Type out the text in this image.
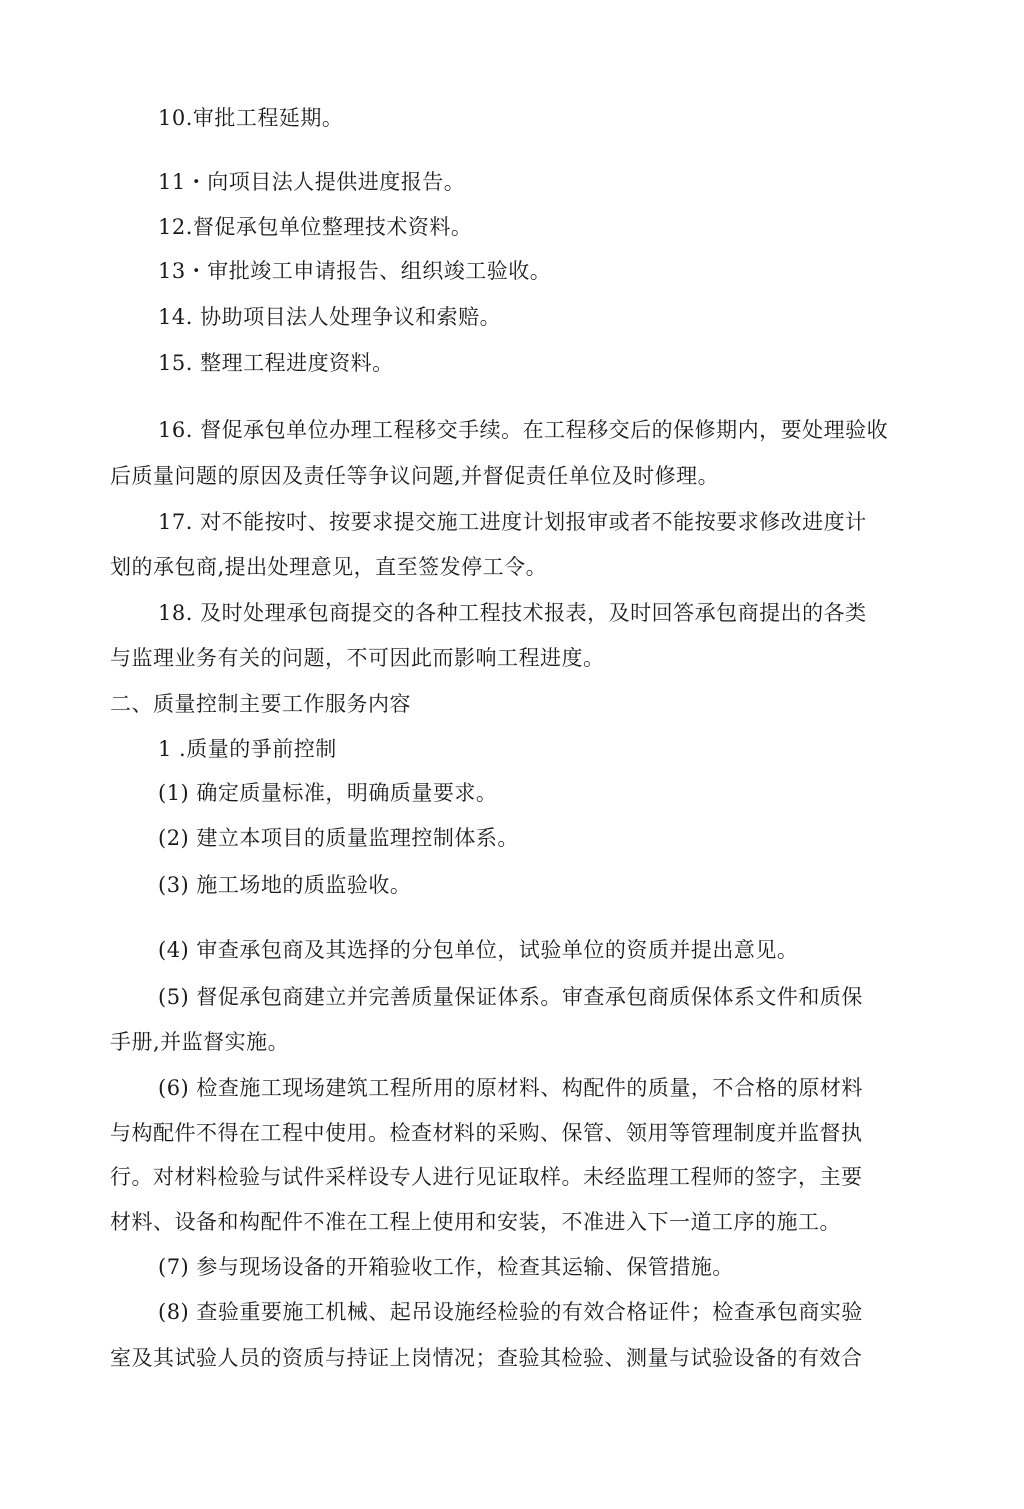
10.审批工程延期。
11・向项目法人提供进度报告。
12.督促承包单位整理技术资料。
13・审批竣工申请报告、组织竣工验收。
14. 协助项目法人处理争议和索赔。
15. 整理工程进度资料。
16. 督促承包单位办理工程移交手续。在工程移交后的保修期内，要处理验收
后质量问题的原因及责任等争议问题,并督促责任单位及时修理。
17. 对不能按吋、按要求提交施工进度计划报审或者不能按要求修改进度计
划的承包商,提出处理意见，直至签发停工令。
18. 及时处理承包商提交的各种工程技术报表，及时回答承包商提出的各类
与监理业务有关的问题，不可因此而影响工程进度。
二、质量控制主要工作服务内容
1 .质量的爭前控制
(1) 确定质量标准，明确质量要求。
(2) 建立本项目的质量监理控制体系。
(3) 施工场地的质监验收。
(4) 审查承包商及其选择的分包单位，试验单位的资质并提出意见。
(5) 督促承包商建立并完善质量保证体系。审查承包商质保体系文件和质保
手册,并监督实施。
(6) 检查施工现场建筑工程所用的原材料、构配件的质量，不合格的原材料
与构配件不得在工程中使用。检查材料的采购、保管、领用等管理制度并监督执
行。对材料检验与试件采样设专人进行见证取样。未经监理工程师的签字，主要
材料、设备和构配件不准在工程上使用和安装，不准进入下一道工序的施工。
(7) 参与现场设备的开箱验收工作，检查其运输、保管措施。
(8) 查验重要施工机械、起吊设施经检验的有效合格证件；检查承包商实验
室及其试验人员的资质与持证上岗情况；查验其检验、测量与试验设备的有效合
